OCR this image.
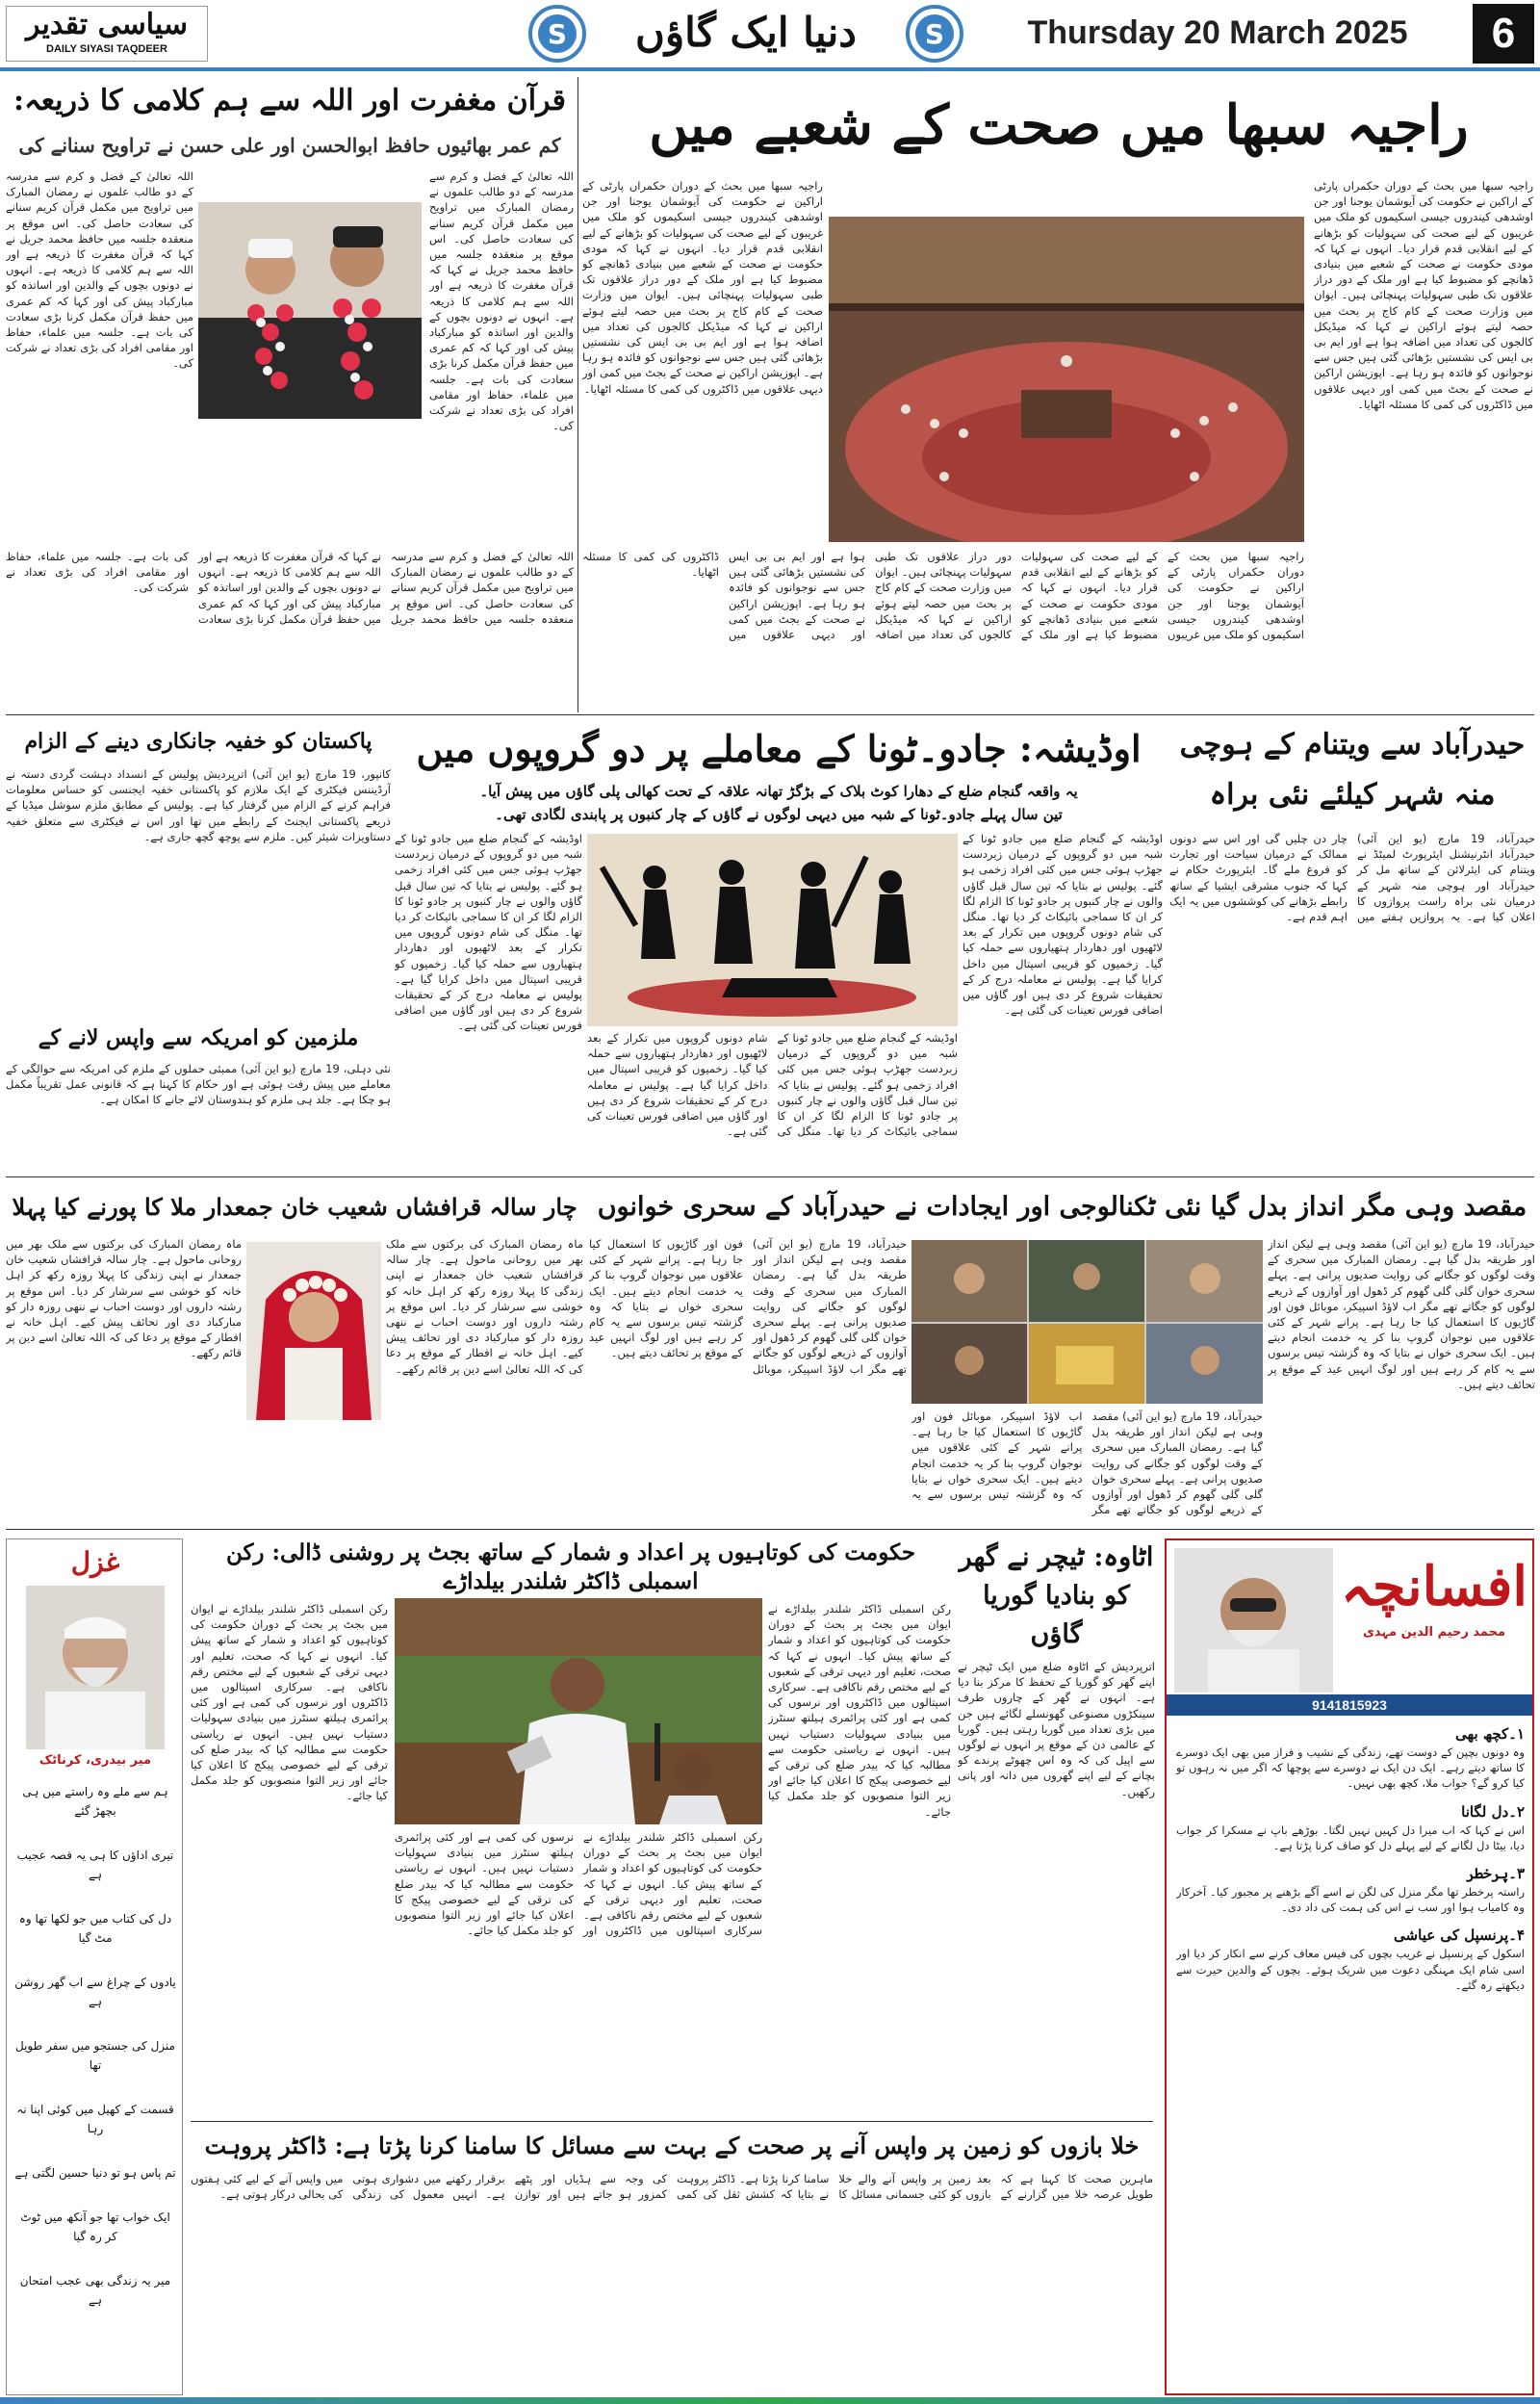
سیاسی تقدیر
DAILY SIYASI TAQDEER	S	دنیا ایک گاؤں	S	Thursday 20 March 2025	6
راجیہ سبھا میں صحت کے شعبے میں
راجیہ سبھا میں بحث کے دوران حکمراں پارٹی کے اراکین نے حکومت کی آیوشمان یوجنا اور جن اوشدھی کیندروں جیسی اسکیموں کو ملک میں غریبوں کے لیے صحت کی سہولیات کو بڑھانے کے لیے انقلابی قدم قرار دیا۔ انہوں نے کہا کہ مودی حکومت نے صحت کے شعبے میں بنیادی ڈھانچے کو مضبوط کیا ہے اور ملک کے دور دراز علاقوں تک طبی سہولیات پہنچائی ہیں۔ ایوان میں وزارت صحت کے کام کاج پر بحث میں حصہ لیتے ہوئے اراکین نے کہا کہ میڈیکل کالجوں کی تعداد میں اضافہ ہوا ہے اور ایم بی بی ایس کی نشستیں بڑھائی گئی ہیں جس سے نوجوانوں کو فائدہ ہو رہا ہے۔ اپوزیشن اراکین نے صحت کے بجٹ میں کمی اور دیہی علاقوں میں ڈاکٹروں کی کمی کا مسئلہ اٹھایا۔
راجیہ سبھا میں بحث کے دوران حکمراں پارٹی کے اراکین نے حکومت کی آیوشمان یوجنا اور جن اوشدھی کیندروں جیسی اسکیموں کو ملک میں غریبوں کے لیے صحت کی سہولیات کو بڑھانے کے لیے انقلابی قدم قرار دیا۔ انہوں نے کہا کہ مودی حکومت نے صحت کے شعبے میں بنیادی ڈھانچے کو مضبوط کیا ہے اور ملک کے دور دراز علاقوں تک طبی سہولیات پہنچائی ہیں۔ ایوان میں وزارت صحت کے کام کاج پر بحث میں حصہ لیتے ہوئے اراکین نے کہا کہ میڈیکل کالجوں کی تعداد میں اضافہ ہوا ہے اور ایم بی بی ایس کی نشستیں بڑھائی گئی ہیں جس سے نوجوانوں کو فائدہ ہو رہا ہے۔ اپوزیشن اراکین نے صحت کے بجٹ میں کمی اور دیہی علاقوں میں ڈاکٹروں کی کمی کا مسئلہ اٹھایا۔
راجیہ سبھا میں بحث کے دوران حکمراں پارٹی کے اراکین نے حکومت کی آیوشمان یوجنا اور جن اوشدھی کیندروں جیسی اسکیموں کو ملک میں غریبوں کے لیے صحت کی سہولیات کو بڑھانے کے لیے انقلابی قدم قرار دیا۔ انہوں نے کہا کہ مودی حکومت نے صحت کے شعبے میں بنیادی ڈھانچے کو مضبوط کیا ہے اور ملک کے دور دراز علاقوں تک طبی سہولیات پہنچائی ہیں۔ ایوان میں وزارت صحت کے کام کاج پر بحث میں حصہ لیتے ہوئے اراکین نے کہا کہ میڈیکل کالجوں کی تعداد میں اضافہ ہوا ہے اور ایم بی بی ایس کی نشستیں بڑھائی گئی ہیں جس سے نوجوانوں کو فائدہ ہو رہا ہے۔ اپوزیشن اراکین نے صحت کے بجٹ میں کمی اور دیہی علاقوں میں ڈاکٹروں کی کمی کا مسئلہ اٹھایا۔
قرآن مغفرت اور اللہ سے ہم کلامی کا ذریعہ:
کم عمر بھائیوں حافظ ابوالحسن اور علی حسن نے تراویح سنانے کی
اللہ تعالیٰ کے فضل و کرم سے مدرسہ کے دو طالب علموں نے رمضان المبارک میں تراویح میں مکمل قرآن کریم سنانے کی سعادت حاصل کی۔ اس موقع پر منعقدہ جلسہ میں حافظ محمد جریل نے کہا کہ قرآن مغفرت کا ذریعہ ہے اور اللہ سے ہم کلامی کا ذریعہ ہے۔ انہوں نے دونوں بچوں کے والدین اور اساتذہ کو مبارکباد پیش کی اور کہا کہ کم عمری میں حفظ قرآن مکمل کرنا بڑی سعادت کی بات ہے۔ جلسہ میں علماء، حفاظ اور مقامی افراد کی بڑی تعداد نے شرکت کی۔
اللہ تعالیٰ کے فضل و کرم سے مدرسہ کے دو طالب علموں نے رمضان المبارک میں تراویح میں مکمل قرآن کریم سنانے کی سعادت حاصل کی۔ اس موقع پر منعقدہ جلسہ میں حافظ محمد جریل نے کہا کہ قرآن مغفرت کا ذریعہ ہے اور اللہ سے ہم کلامی کا ذریعہ ہے۔ انہوں نے دونوں بچوں کے والدین اور اساتذہ کو مبارکباد پیش کی اور کہا کہ کم عمری میں حفظ قرآن مکمل کرنا بڑی سعادت کی بات ہے۔ جلسہ میں علماء، حفاظ اور مقامی افراد کی بڑی تعداد نے شرکت کی۔
اللہ تعالیٰ کے فضل و کرم سے مدرسہ کے دو طالب علموں نے رمضان المبارک میں تراویح میں مکمل قرآن کریم سنانے کی سعادت حاصل کی۔ اس موقع پر منعقدہ جلسہ میں حافظ محمد جریل نے کہا کہ قرآن مغفرت کا ذریعہ ہے اور اللہ سے ہم کلامی کا ذریعہ ہے۔ انہوں نے دونوں بچوں کے والدین اور اساتذہ کو مبارکباد پیش کی اور کہا کہ کم عمری میں حفظ قرآن مکمل کرنا بڑی سعادت کی بات ہے۔ جلسہ میں علماء، حفاظ اور مقامی افراد کی بڑی تعداد نے شرکت کی۔
حیدرآباد سے ویتنام کے ہوچی منہ شہر کیلئے نئی براہ
حیدرآباد، 19 مارچ (یو این آئی) حیدرآباد انٹرنیشنل ایئرپورٹ لمیٹڈ نے ویتنام کی ایئرلائن کے ساتھ مل کر حیدرآباد اور ہوچی منہ شہر کے درمیان نئی براہ راست پروازوں کا اعلان کیا ہے۔ یہ پروازیں ہفتے میں چار دن چلیں گی اور اس سے دونوں ممالک کے درمیان سیاحت اور تجارت کو فروغ ملے گا۔ ایئرپورٹ حکام نے کہا کہ جنوب مشرقی ایشیا کے ساتھ رابطے بڑھانے کی کوششوں میں یہ ایک اہم قدم ہے۔
اوڈیشہ: جادو۔ٹونا کے معاملے پر دو گروپوں میں
یہ واقعہ گنجام ضلع کے دھارا کوٹ بلاک کے بڑگڑ تھانہ علاقہ کے تحت کھالی پلی گاؤں میں پیش آیا۔
تین سال پہلے جادو۔ٹونا کے شبہ میں دیہی لوگوں نے گاؤں کے چار کنبوں پر پابندی لگادی تھی۔
اوڈیشہ کے گنجام ضلع میں جادو ٹونا کے شبہ میں دو گروپوں کے درمیان زبردست جھڑپ ہوئی جس میں کئی افراد زخمی ہو گئے۔ پولیس نے بتایا کہ تین سال قبل گاؤں والوں نے چار کنبوں پر جادو ٹونا کا الزام لگا کر ان کا سماجی بائیکاٹ کر دیا تھا۔ منگل کی شام دونوں گروپوں میں تکرار کے بعد لاٹھیوں اور دھاردار ہتھیاروں سے حملہ کیا گیا۔ زخمیوں کو قریبی اسپتال میں داخل کرایا گیا ہے۔ پولیس نے معاملہ درج کر کے تحقیقات شروع کر دی ہیں اور گاؤں میں اضافی فورس تعینات کی گئی ہے۔
اوڈیشہ کے گنجام ضلع میں جادو ٹونا کے شبہ میں دو گروپوں کے درمیان زبردست جھڑپ ہوئی جس میں کئی افراد زخمی ہو گئے۔ پولیس نے بتایا کہ تین سال قبل گاؤں والوں نے چار کنبوں پر جادو ٹونا کا الزام لگا کر ان کا سماجی بائیکاٹ کر دیا تھا۔ منگل کی شام دونوں گروپوں میں تکرار کے بعد لاٹھیوں اور دھاردار ہتھیاروں سے حملہ کیا گیا۔ زخمیوں کو قریبی اسپتال میں داخل کرایا گیا ہے۔ پولیس نے معاملہ درج کر کے تحقیقات شروع کر دی ہیں اور گاؤں میں اضافی فورس تعینات کی گئی ہے۔
اوڈیشہ کے گنجام ضلع میں جادو ٹونا کے شبہ میں دو گروپوں کے درمیان زبردست جھڑپ ہوئی جس میں کئی افراد زخمی ہو گئے۔ پولیس نے بتایا کہ تین سال قبل گاؤں والوں نے چار کنبوں پر جادو ٹونا کا الزام لگا کر ان کا سماجی بائیکاٹ کر دیا تھا۔ منگل کی شام دونوں گروپوں میں تکرار کے بعد لاٹھیوں اور دھاردار ہتھیاروں سے حملہ کیا گیا۔ زخمیوں کو قریبی اسپتال میں داخل کرایا گیا ہے۔ پولیس نے معاملہ درج کر کے تحقیقات شروع کر دی ہیں اور گاؤں میں اضافی فورس تعینات کی گئی ہے۔
پاکستان کو خفیہ جانکاری دینے کے الزام
کانپور، 19 مارچ (یو این آئی) اترپردیش پولیس کے انسداد دہشت گردی دستہ نے آرڈیننس فیکٹری کے ایک ملازم کو پاکستانی خفیہ ایجنسی کو حساس معلومات فراہم کرنے کے الزام میں گرفتار کیا ہے۔ پولیس کے مطابق ملزم سوشل میڈیا کے ذریعے پاکستانی ایجنٹ کے رابطے میں تھا اور اس نے فیکٹری سے متعلق خفیہ دستاویزات شیئر کیں۔ ملزم سے پوچھ گچھ جاری ہے۔
ملزمین کو امریکہ سے واپس لانے کے
نئی دہلی، 19 مارچ (یو این آئی) ممبئی حملوں کے ملزم کی امریکہ سے حوالگی کے معاملے میں پیش رفت ہوئی ہے اور حکام کا کہنا ہے کہ قانونی عمل تقریباً مکمل ہو چکا ہے۔ جلد ہی ملزم کو ہندوستان لائے جانے کا امکان ہے۔
مقصد وہی مگر انداز بدل گیا نئی ٹکنالوجی اور ایجادات نے حیدرآباد کے سحری خوانوں
حیدرآباد، 19 مارچ (یو این آئی) مقصد وہی ہے لیکن انداز اور طریقہ بدل گیا ہے۔ رمضان المبارک میں سحری کے وقت لوگوں کو جگانے کی روایت صدیوں پرانی ہے۔ پہلے سحری خوان گلی گلی گھوم کر ڈھول اور آوازوں کے ذریعے لوگوں کو جگاتے تھے مگر اب لاؤڈ اسپیکر، موبائل فون اور گاڑیوں کا استعمال کیا جا رہا ہے۔ پرانے شہر کے کئی علاقوں میں نوجوان گروپ بنا کر یہ خدمت انجام دیتے ہیں۔ ایک سحری خواں نے بتایا کہ وہ گزشتہ تیس برسوں سے یہ کام کر رہے ہیں اور لوگ انہیں عید کے موقع پر تحائف دیتے ہیں۔
حیدرآباد، 19 مارچ (یو این آئی) مقصد وہی ہے لیکن انداز اور طریقہ بدل گیا ہے۔ رمضان المبارک میں سحری کے وقت لوگوں کو جگانے کی روایت صدیوں پرانی ہے۔ پہلے سحری خوان گلی گلی گھوم کر ڈھول اور آوازوں کے ذریعے لوگوں کو جگاتے تھے مگر اب لاؤڈ اسپیکر، موبائل فون اور گاڑیوں کا استعمال کیا جا رہا ہے۔ پرانے شہر کے کئی علاقوں میں نوجوان گروپ بنا کر یہ خدمت انجام دیتے ہیں۔ ایک سحری خواں نے بتایا کہ وہ گزشتہ تیس برسوں سے یہ کام کر رہے ہیں اور لوگ انہیں عید کے موقع پر تحائف دیتے ہیں۔
حیدرآباد، 19 مارچ (یو این آئی) مقصد وہی ہے لیکن انداز اور طریقہ بدل گیا ہے۔ رمضان المبارک میں سحری کے وقت لوگوں کو جگانے کی روایت صدیوں پرانی ہے۔ پہلے سحری خوان گلی گلی گھوم کر ڈھول اور آوازوں کے ذریعے لوگوں کو جگاتے تھے مگر اب لاؤڈ اسپیکر، موبائل فون اور گاڑیوں کا استعمال کیا جا رہا ہے۔ پرانے شہر کے کئی علاقوں میں نوجوان گروپ بنا کر یہ خدمت انجام دیتے ہیں۔ ایک سحری خواں نے بتایا کہ وہ گزشتہ تیس برسوں سے یہ
چار سالہ قرافشاں شعیب خان جمعدار ملا کا پورنے کیا پہلا
ماہ رمضان المبارک کی برکتوں سے ملک بھر میں روحانی ماحول ہے۔ چار سالہ قرافشاں شعیب خان جمعدار نے اپنی زندگی کا پہلا روزہ رکھ کر اہل خانہ کو خوشی سے سرشار کر دیا۔ اس موقع پر رشتہ داروں اور دوست احباب نے ننھی روزہ دار کو مبارکباد دی اور تحائف پیش کیے۔ اہل خانہ نے افطار کے موقع پر دعا کی کہ اللہ تعالیٰ اسے دین پر قائم رکھے۔
ماہ رمضان المبارک کی برکتوں سے ملک بھر میں روحانی ماحول ہے۔ چار سالہ قرافشاں شعیب خان جمعدار نے اپنی زندگی کا پہلا روزہ رکھ کر اہل خانہ کو خوشی سے سرشار کر دیا۔ اس موقع پر رشتہ داروں اور دوست احباب نے ننھی روزہ دار کو مبارکباد دی اور تحائف پیش کیے۔ اہل خانہ نے افطار کے موقع پر دعا کی کہ اللہ تعالیٰ اسے دین پر قائم رکھے۔
غزل
میر بیدری، کرناٹک
ہم سے ملے وہ راستے میں ہی بچھڑ گئے
تیری اداؤں کا ہی یہ قصہ عجیب ہے
دل کی کتاب میں جو لکھا تھا وہ مٹ گیا
یادوں کے چراغ سے اب گھر روشن ہے
منزل کی جستجو میں سفر طویل تھا
قسمت کے کھیل میں کوئی اپنا نہ رہا
تم پاس ہو تو دنیا حسین لگتی ہے
ایک خواب تھا جو آنکھ میں ٹوٹ کر رہ گیا
میر یہ زندگی بھی عجب امتحان ہے
حکومت کی کوتاہیوں پر اعداد و شمار کے ساتھ بجٹ پر روشنی ڈالی: رکن اسمبلی ڈاکٹر شلندر بیلداڑے
رکن اسمبلی ڈاکٹر شلندر بیلداڑے نے ایوان میں بجٹ پر بحث کے دوران حکومت کی کوتاہیوں کو اعداد و شمار کے ساتھ پیش کیا۔ انہوں نے کہا کہ صحت، تعلیم اور دیہی ترقی کے شعبوں کے لیے مختص رقم ناکافی ہے۔ سرکاری اسپتالوں میں ڈاکٹروں اور نرسوں کی کمی ہے اور کئی پرائمری ہیلتھ سنٹرز میں بنیادی سہولیات دستیاب نہیں ہیں۔ انہوں نے ریاستی حکومت سے مطالبہ کیا کہ بیدر ضلع کی ترقی کے لیے خصوصی پیکج کا اعلان کیا جائے اور زیر التوا منصوبوں کو جلد مکمل کیا جائے۔
رکن اسمبلی ڈاکٹر شلندر بیلداڑے نے ایوان میں بجٹ پر بحث کے دوران حکومت کی کوتاہیوں کو اعداد و شمار کے ساتھ پیش کیا۔ انہوں نے کہا کہ صحت، تعلیم اور دیہی ترقی کے شعبوں کے لیے مختص رقم ناکافی ہے۔ سرکاری اسپتالوں میں ڈاکٹروں اور نرسوں کی کمی ہے اور کئی پرائمری ہیلتھ سنٹرز میں بنیادی سہولیات دستیاب نہیں ہیں۔ انہوں نے ریاستی حکومت سے مطالبہ کیا کہ بیدر ضلع کی ترقی کے لیے خصوصی پیکج کا اعلان کیا جائے اور زیر التوا منصوبوں کو جلد مکمل کیا جائے۔
رکن اسمبلی ڈاکٹر شلندر بیلداڑے نے ایوان میں بجٹ پر بحث کے دوران حکومت کی کوتاہیوں کو اعداد و شمار کے ساتھ پیش کیا۔ انہوں نے کہا کہ صحت، تعلیم اور دیہی ترقی کے شعبوں کے لیے مختص رقم ناکافی ہے۔ سرکاری اسپتالوں میں ڈاکٹروں اور نرسوں کی کمی ہے اور کئی پرائمری ہیلتھ سنٹرز میں بنیادی سہولیات دستیاب نہیں ہیں۔ انہوں نے ریاستی حکومت سے مطالبہ کیا کہ بیدر ضلع کی ترقی کے لیے خصوصی پیکج کا اعلان کیا جائے اور زیر التوا منصوبوں کو جلد مکمل کیا جائے۔
خلا بازوں کو زمین پر واپس آنے پر صحت کے بہت سے مسائل کا سامنا کرنا پڑتا ہے: ڈاکٹر پروہت
ماہرین صحت کا کہنا ہے کہ طویل عرصہ خلا میں گزارنے کے بعد زمین پر واپس آنے والے خلا بازوں کو کئی جسمانی مسائل کا سامنا کرنا پڑتا ہے۔ ڈاکٹر پروہت نے بتایا کہ کشش ثقل کی کمی کی وجہ سے ہڈیاں اور پٹھے کمزور ہو جاتے ہیں اور توازن برقرار رکھنے میں دشواری ہوتی ہے۔ انہیں معمول کی زندگی میں واپس آنے کے لیے کئی ہفتوں کی بحالی درکار ہوتی ہے۔
اٹاوہ: ٹیچر نے گھر کو بنادیا گوریا گاؤں
اترپردیش کے اٹاوہ ضلع میں ایک ٹیچر نے اپنے گھر کو گوریا کے تحفظ کا مرکز بنا دیا ہے۔ انہوں نے گھر کے چاروں طرف سینکڑوں مصنوعی گھونسلے لگائے ہیں جن میں بڑی تعداد میں گوریا رہتی ہیں۔ گوریا کے عالمی دن کے موقع پر انہوں نے لوگوں سے اپیل کی کہ وہ اس چھوٹے پرندے کو بچانے کے لیے اپنے گھروں میں دانہ اور پانی رکھیں۔
افسانچہ
محمد رحیم الدین مہدی
9141815923
۱۔کچھ بھی
وہ دونوں بچپن کے دوست تھے، زندگی کے نشیب و فراز میں بھی ایک دوسرے کا ساتھ دیتے رہے۔ ایک دن ایک نے دوسرے سے پوچھا کہ اگر میں نہ رہوں تو کیا کرو گے؟ جواب ملا، کچھ بھی نہیں۔
۲۔دل لگانا
اس نے کہا کہ اب میرا دل کہیں نہیں لگتا۔ بوڑھے باپ نے مسکرا کر جواب دیا، بیٹا دل لگانے کے لیے پہلے دل کو صاف کرنا پڑتا ہے۔
۳۔پرخطر
راستہ پرخطر تھا مگر منزل کی لگن نے اسے آگے بڑھنے پر مجبور کیا۔ آخرکار وہ کامیاب ہوا اور سب نے اس کی ہمت کی داد دی۔
۴۔پرنسپل کی عیاشی
اسکول کے پرنسپل نے غریب بچوں کی فیس معاف کرنے سے انکار کر دیا اور اسی شام ایک مہنگی دعوت میں شریک ہوئے۔ بچوں کے والدین حیرت سے دیکھتے رہ گئے۔
